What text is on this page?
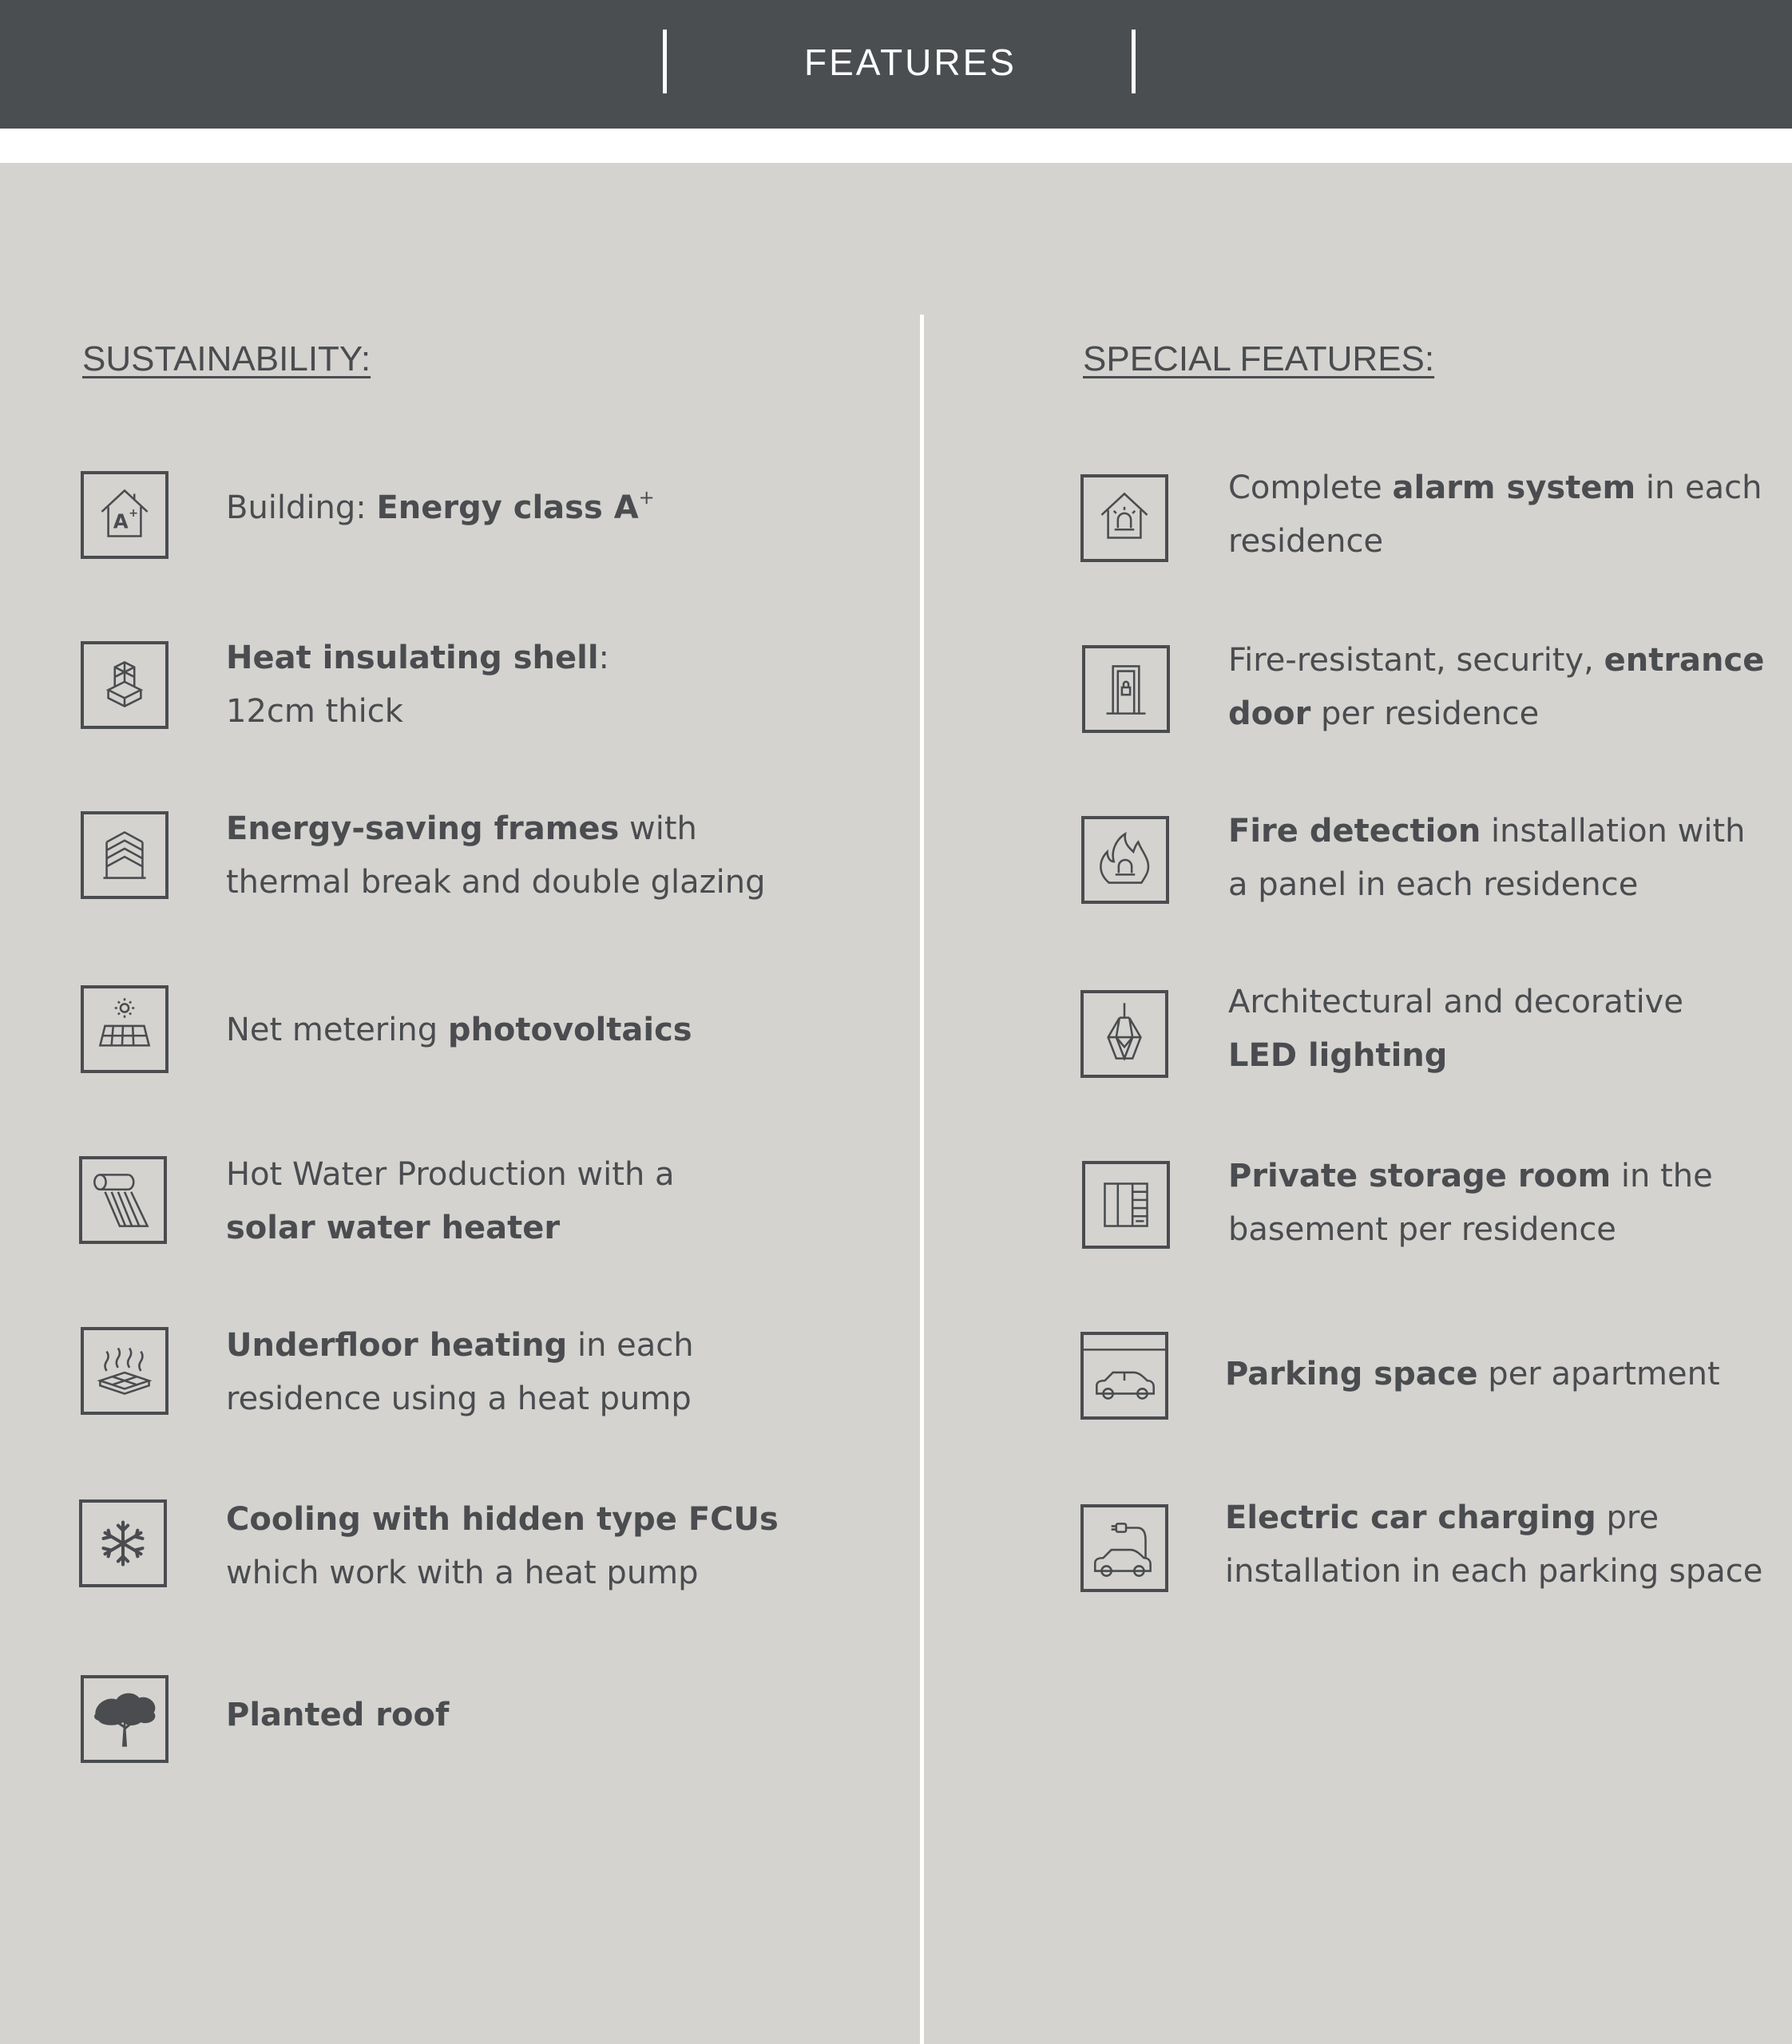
FEATURES
SUSTAINABILITY:
A +	Building: Energy class A+
Heat insulating shell:
12cm thick
Energy-saving frames with
thermal break and double glazing
Net metering photovoltaics
Hot Water Production with a
solar water heater
Underfloor heating in each
residence using a heat pump
Cooling with hidden type FCUs
which work with a heat pump
Planted roof
SPECIAL FEATURES:
Complete alarm system in each
residence
Fire-resistant, security, entrance
door per residence
Fire detection installation with
a panel in each residence
Architectural and decorative
LED lighting
Private storage room in the
basement per residence
Parking space per apartment
Electric car charging pre
installation in each parking space
